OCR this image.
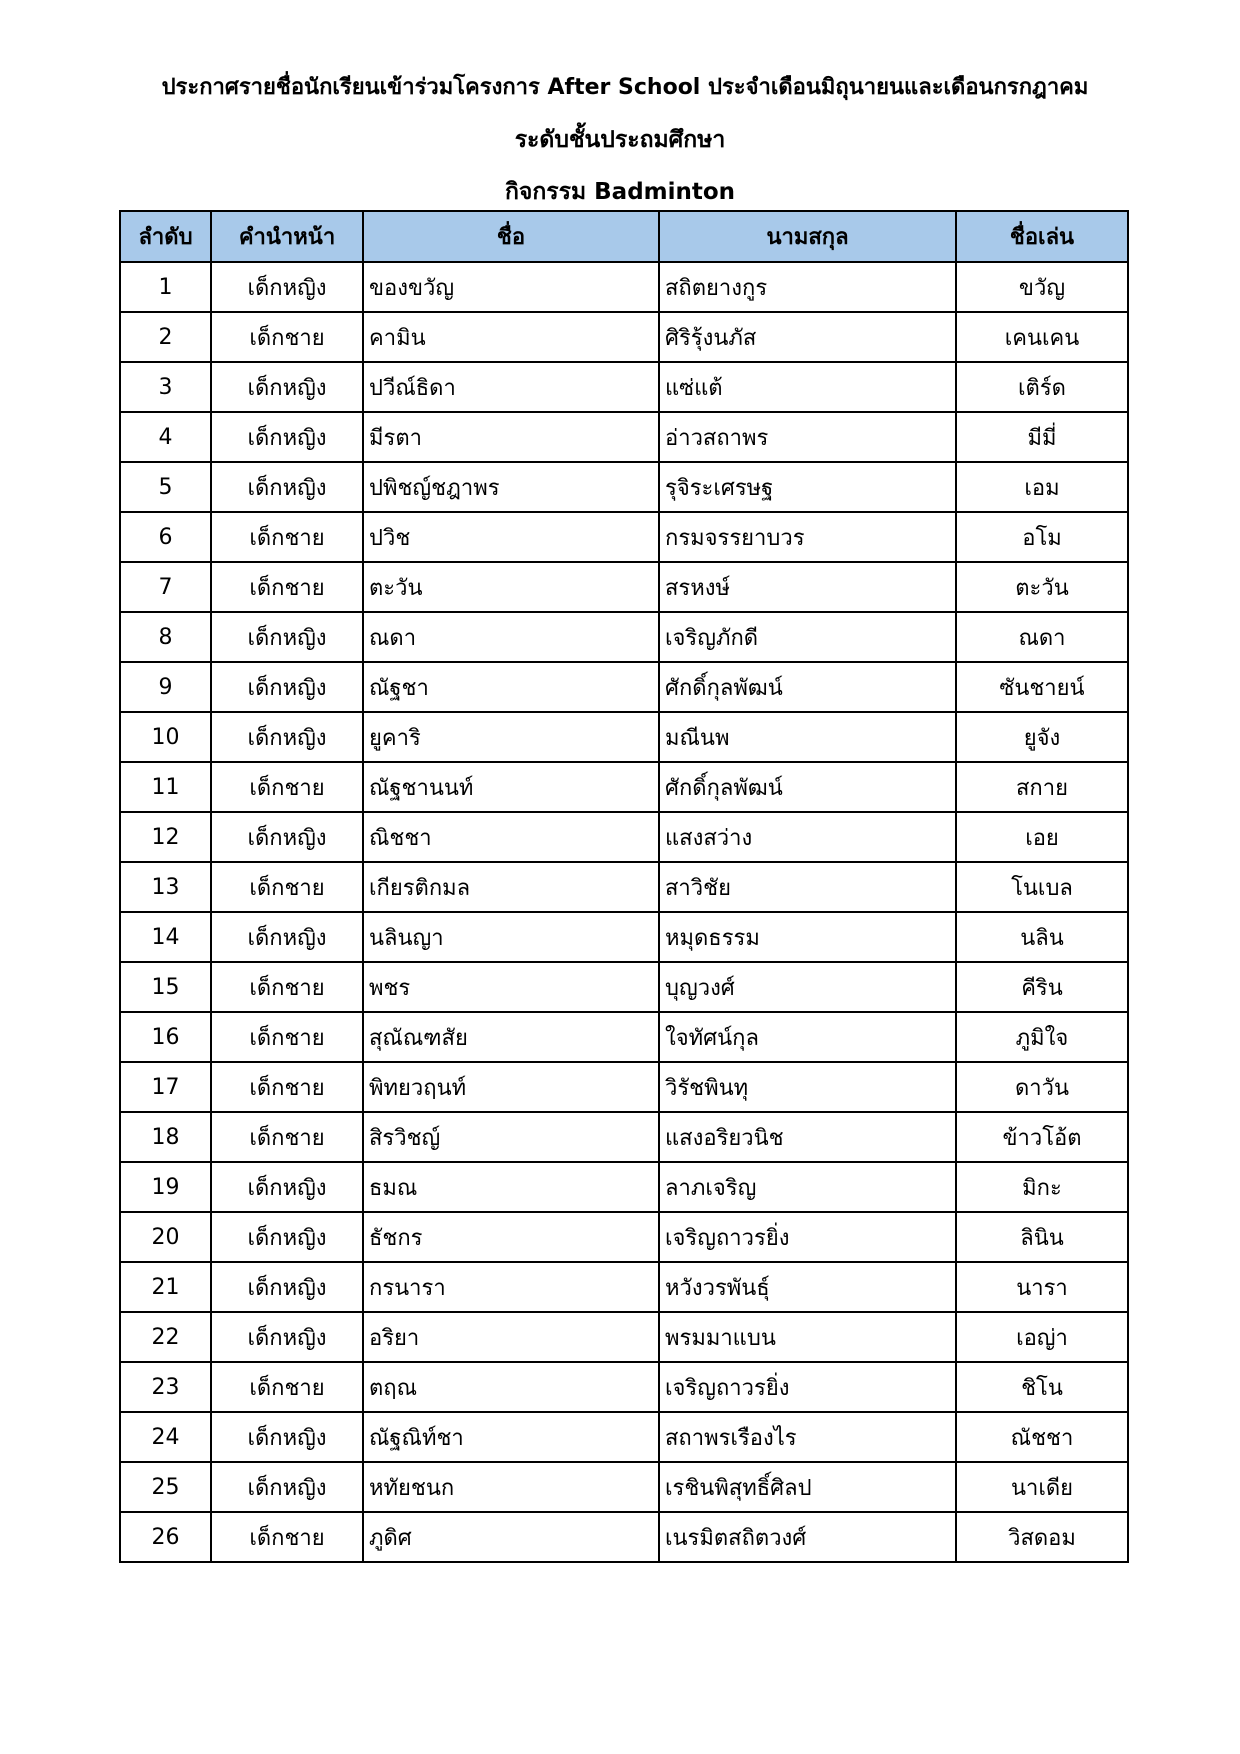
ประกาศรายชื่อนักเรียนเข้าร่วมโครงการ After School ประจำเดือนมิถุนายนและเดือนกรกฎาคม
ระดับชั้นประถมศึกษา
กิจกรรม Badminton
ลำดับ	คำนำหน้า	ชื่อ	นามสกุล	ชื่อเล่น
1	เด็กหญิง	ของขวัญ	สถิตยางกูร	ขวัญ
2	เด็กชาย	คามิน	ศิริรุ้งนภัส	เคนเคน
3	เด็กหญิง	ปวีณ์ธิดา	แซ่แต้	เติร์ด
4	เด็กหญิง	มีรตา	อ่าวสถาพร	มีมี่
5	เด็กหญิง	ปพิชญ์ชฎาพร	รุจิระเศรษฐ	เอม
6	เด็กชาย	ปวิช	กรมจรรยาบวร	อโม
7	เด็กชาย	ตะวัน	สรหงษ์	ตะวัน
8	เด็กหญิง	ณดา	เจริญภักดี	ณดา
9	เด็กหญิง	ณัฐชา	ศักดิ์กุลพัฒน์	ซันชายน์
10	เด็กหญิง	ยูคาริ	มณีนพ	ยูจัง
11	เด็กชาย	ณัฐชานนท์	ศักดิ์กุลพัฒน์	สกาย
12	เด็กหญิง	ณิชชา	แสงสว่าง	เอย
13	เด็กชาย	เกียรติกมล	สาวิชัย	โนเบล
14	เด็กหญิง	นลินญา	หมุดธรรม	นลิน
15	เด็กชาย	พชร	บุญวงศ์	คีริน
16	เด็กชาย	สุณัณฑสัย	ใจทัศน์กุล	ภูมิใจ
17	เด็กชาย	พิทยวฤนท์	วิรัชพินทุ	ดาวัน
18	เด็กชาย	สิรวิชญ์	แสงอริยวนิช	ข้าวโอ้ต
19	เด็กหญิง	ธมณ	ลาภเจริญ	มิกะ
20	เด็กหญิง	ธัชกร	เจริญถาวรยิ่ง	ลินิน
21	เด็กหญิง	กรนารา	หวังวรพันธุ์	นารา
22	เด็กหญิง	อริยา	พรมมาแบน	เอญ่า
23	เด็กชาย	ตฤณ	เจริญถาวรยิ่ง	ชิโน
24	เด็กหญิง	ณัฐณิท์ชา	สถาพรเรืองไร	ณัชชา
25	เด็กหญิง	หทัยชนก	เรชินพิสุทธิ์ศิลป	นาเดีย
26	เด็กชาย	ภูดิศ	เนรมิตสถิตวงศ์	วิสดอม
